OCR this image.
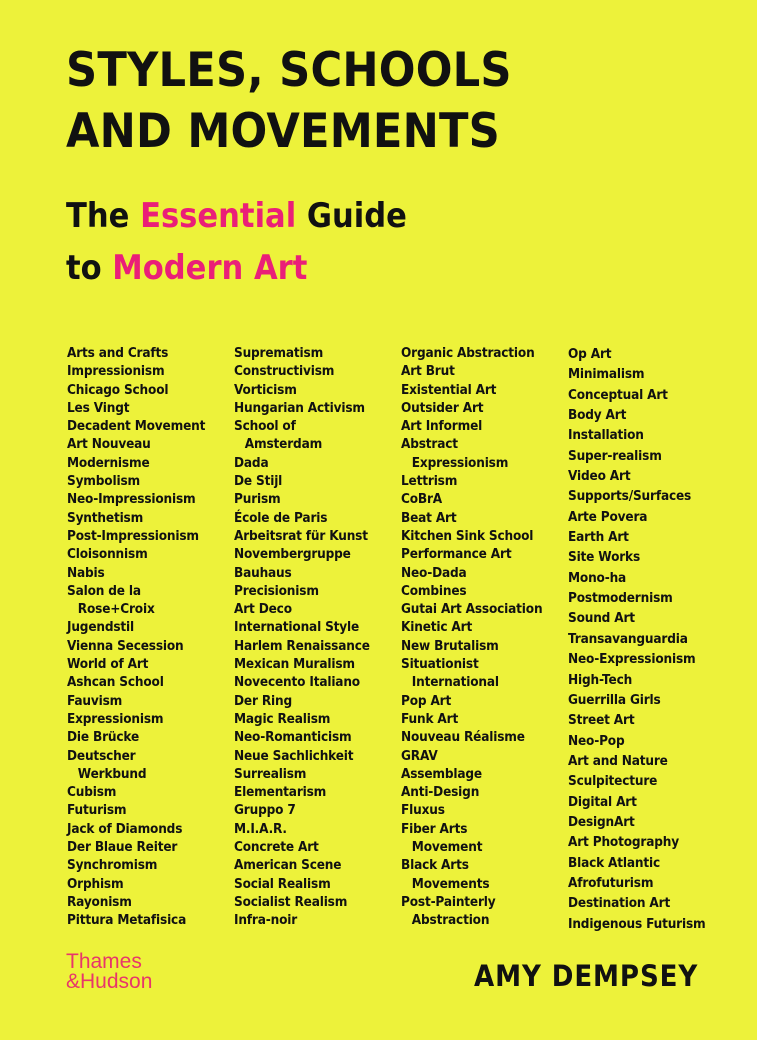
STYLES, SCHOOLS
AND MOVEMENTS
The Essential Guide
to Modern Art
Arts and Crafts
Impressionism
Chicago School
Les Vingt
Decadent Movement
Art Nouveau
Modernisme
Symbolism
Neo-Impressionism
Synthetism
Post-Impressionism
Cloisonnism
Nabis
Salon de la
Rose+Croix
Jugendstil
Vienna Secession
World of Art
Ashcan School
Fauvism
Expressionism
Die Brücke
Deutscher
Werkbund
Cubism
Futurism
Jack of Diamonds
Der Blaue Reiter
Synchromism
Orphism
Rayonism
Pittura Metafisica
Suprematism
Constructivism
Vorticism
Hungarian Activism
School of
Amsterdam
Dada
De Stijl
Purism
École de Paris
Arbeitsrat für Kunst
Novembergruppe
Bauhaus
Precisionism
Art Deco
International Style
Harlem Renaissance
Mexican Muralism
Novecento Italiano
Der Ring
Magic Realism
Neo-Romanticism
Neue Sachlichkeit
Surrealism
Elementarism
Gruppo 7
M.I.A.R.
Concrete Art
American Scene
Social Realism
Socialist Realism
Infra-noir
Organic Abstraction
Art Brut
Existential Art
Outsider Art
Art Informel
Abstract
Expressionism
Lettrism
CoBrA
Beat Art
Kitchen Sink School
Performance Art
Neo-Dada
Combines
Gutai Art Association
Kinetic Art
New Brutalism
Situationist
International
Pop Art
Funk Art
Nouveau Réalisme
GRAV
Assemblage
Anti-Design
Fluxus
Fiber Arts
Movement
Black Arts
Movements
Post-Painterly
Abstraction
Op Art
Minimalism
Conceptual Art
Body Art
Installation
Super-realism
Video Art
Supports/Surfaces
Arte Povera
Earth Art
Site Works
Mono-ha
Postmodernism
Sound Art
Transavanguardia
Neo-Expressionism
High-Tech
Guerrilla Girls
Street Art
Neo-Pop
Art and Nature
Sculpitecture
Digital Art
DesignArt
Art Photography
Black Atlantic
Afrofuturism
Destination Art
Indigenous Futurism
Thames
&Hudson	AMY DEMPSEY
